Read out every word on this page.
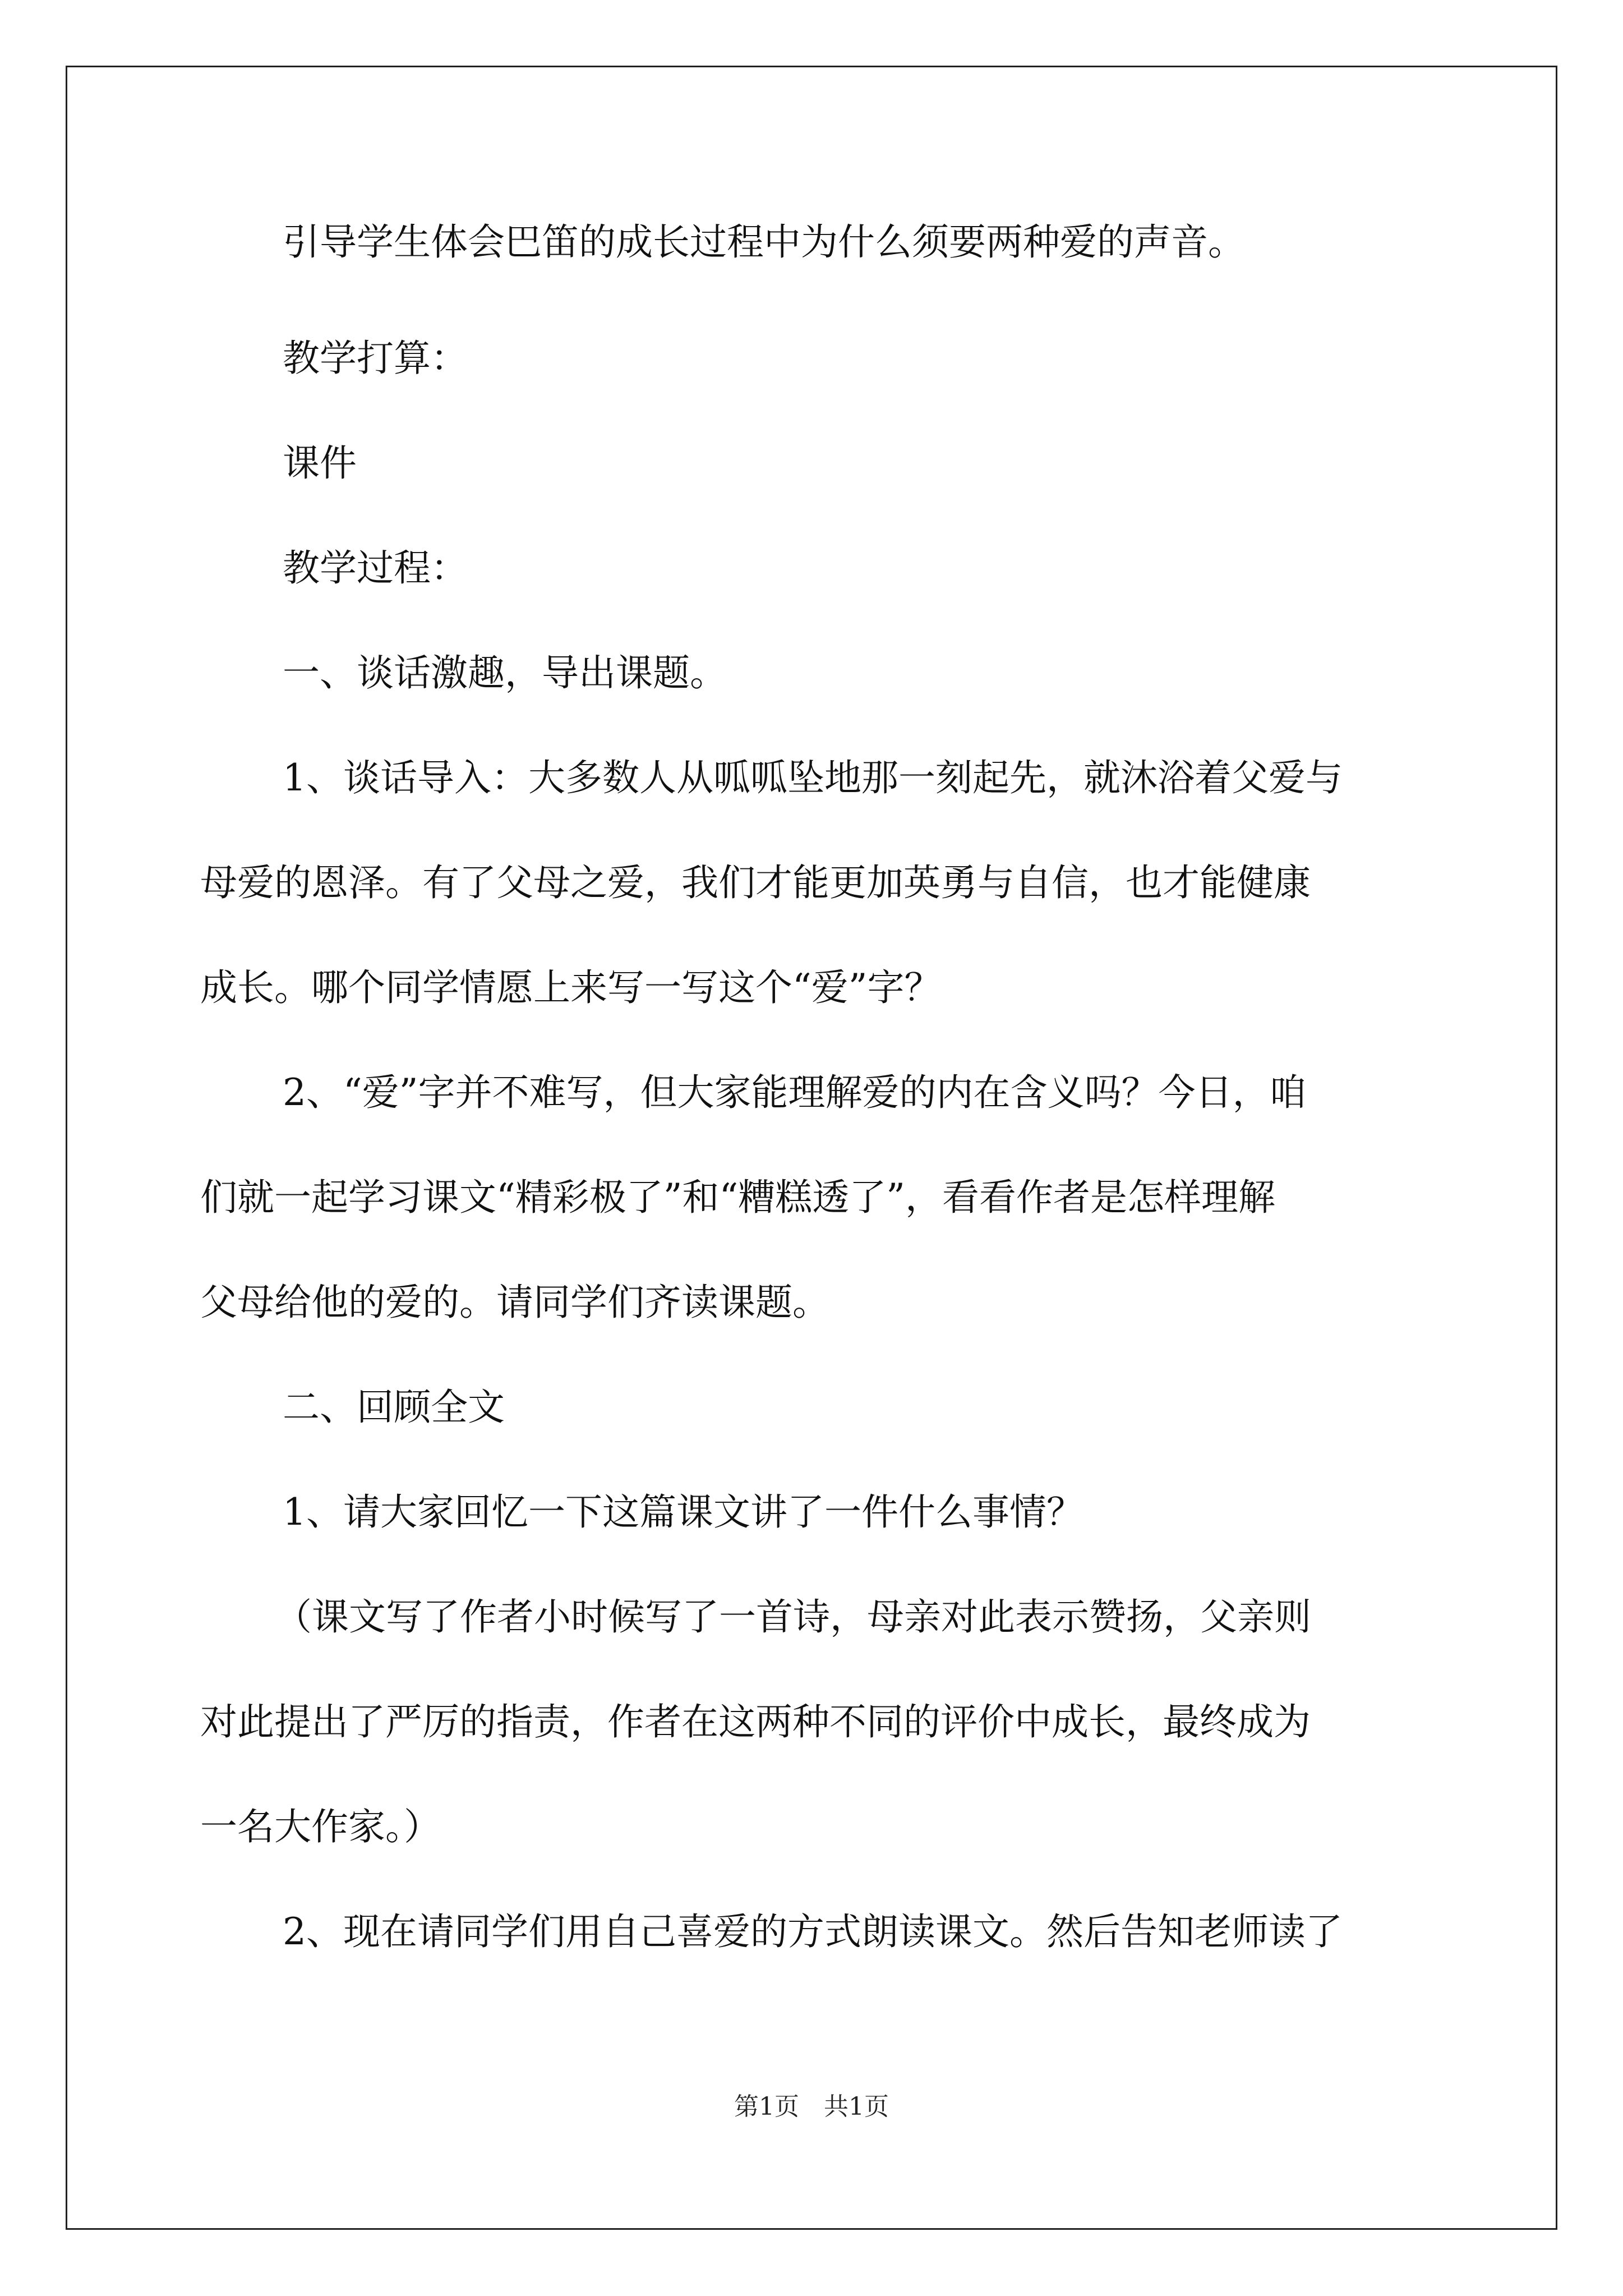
引导学生体会巴笛的成长过程中为什么须要两种爱的声音。
教学打算：
课件
教学过程：
一、谈话激趣，导出课题。
1、谈话导入：大多数人从呱呱坠地那一刻起先，就沐浴着父爱与
母爱的恩泽。有了父母之爱，我们才能更加英勇与自信，也才能健康
成长。哪个同学情愿上来写一写这个“爱”字？
2、“爱”字并不难写，但大家能理解爱的内在含义吗？今日，咱
们就一起学习课文“精彩极了”和“糟糕透了”，看看作者是怎样理解
父母给他的爱的。请同学们齐读课题。
二、回顾全文
1、请大家回忆一下这篇课文讲了一件什么事情？
（课文写了作者小时候写了一首诗，母亲对此表示赞扬，父亲则
对此提出了严厉的指责，作者在这两种不同的评价中成长，最终成为
一名大作家。）
2、现在请同学们用自己喜爱的方式朗读课文。然后告知老师读了
第1页　共1页
